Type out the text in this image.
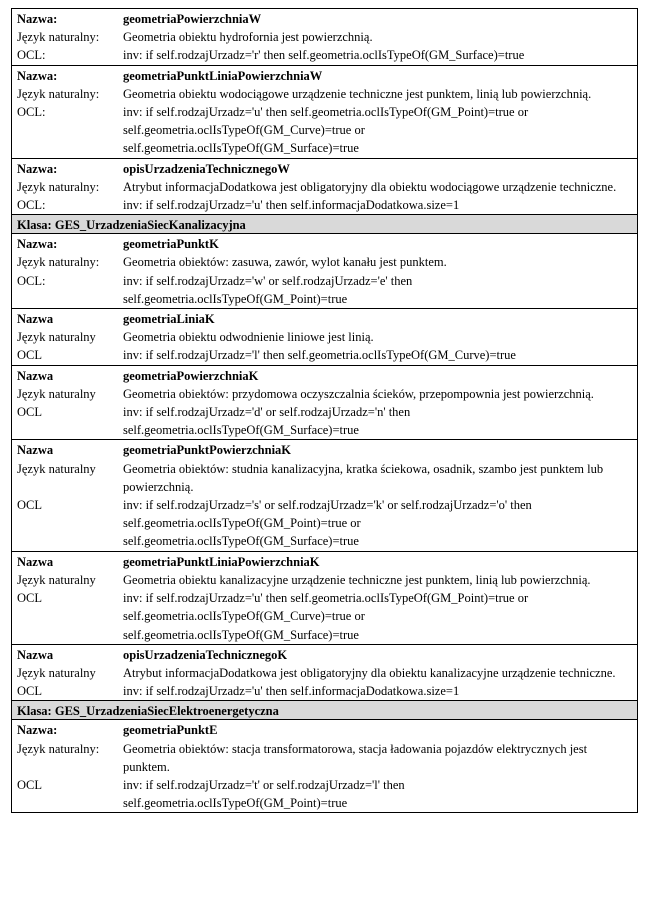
Nazwa:	geometriaPowierzchniaW
Język naturalny:	Geometria obiektu hydrofornia jest powierzchnią.
OCL:	inv: if self.rodzajUrzadz='r' then self.geometria.oclIsTypeOf(GM_Surface)=true
Nazwa:	geometriaPunktLiniaPowierzchniaW
Język naturalny:	Geometria obiektu wodociągowe urządzenie techniczne jest punktem, linią lub powierzchnią.
OCL:	inv: if self.rodzajUrzadz='u' then self.geometria.oclIsTypeOf(GM_Point)=true or
self.geometria.oclIsTypeOf(GM_Curve)=true or
self.geometria.oclIsTypeOf(GM_Surface)=true
Nazwa:	opisUrzadzeniaTechnicznegoW
Język naturalny:	Atrybut informacjaDodatkowa jest obligatoryjny dla obiektu wodociągowe urządzenie techniczne.
OCL:	inv: if self.rodzajUrzadz='u' then self.informacjaDodatkowa.size=1
Klasa: GES_UrzadzeniaSiecKanalizacyjna
Nazwa:	geometriaPunktK
Język naturalny:	Geometria obiektów: zasuwa, zawór, wylot kanału jest punktem.
OCL:	inv: if self.rodzajUrzadz='w' or self.rodzajUrzadz='e' then
self.geometria.oclIsTypeOf(GM_Point)=true
Nazwa	geometriaLiniaK
Język naturalny	Geometria obiektu odwodnienie liniowe jest linią.
OCL	inv: if self.rodzajUrzadz='l' then self.geometria.oclIsTypeOf(GM_Curve)=true
Nazwa	geometriaPowierzchniaK
Język naturalny	Geometria obiektów: przydomowa oczyszczalnia ścieków, przepompownia jest powierzchnią.
OCL	inv: if self.rodzajUrzadz='d' or self.rodzajUrzadz='n' then
self.geometria.oclIsTypeOf(GM_Surface)=true
Nazwa	geometriaPunktPowierzchniaK
Język naturalny	Geometria obiektów: studnia kanalizacyjna, kratka ściekowa, osadnik, szambo jest punktem lub powierzchnią.
OCL	inv: if self.rodzajUrzadz='s' or self.rodzajUrzadz='k' or self.rodzajUrzadz='o' then
self.geometria.oclIsTypeOf(GM_Point)=true or
self.geometria.oclIsTypeOf(GM_Surface)=true
Nazwa	geometriaPunktLiniaPowierzchniaK
Język naturalny	Geometria obiektu kanalizacyjne urządzenie techniczne jest punktem, linią lub powierzchnią.
OCL	inv: if self.rodzajUrzadz='u' then self.geometria.oclIsTypeOf(GM_Point)=true or
self.geometria.oclIsTypeOf(GM_Curve)=true or
self.geometria.oclIsTypeOf(GM_Surface)=true
Nazwa	opisUrzadzeniaTechnicznegoK
Język naturalny	Atrybut informacjaDodatkowa jest obligatoryjny dla obiektu kanalizacyjne urządzenie techniczne.
OCL	inv: if self.rodzajUrzadz='u' then self.informacjaDodatkowa.size=1
Klasa: GES_UrzadzeniaSiecElektroenergetyczna
Nazwa:	geometriaPunktE
Język naturalny:	Geometria obiektów: stacja transformatorowa, stacja ładowania pojazdów elektrycznych jest punktem.
OCL	inv: if self.rodzajUrzadz='t' or self.rodzajUrzadz='l' then
self.geometria.oclIsTypeOf(GM_Point)=true
